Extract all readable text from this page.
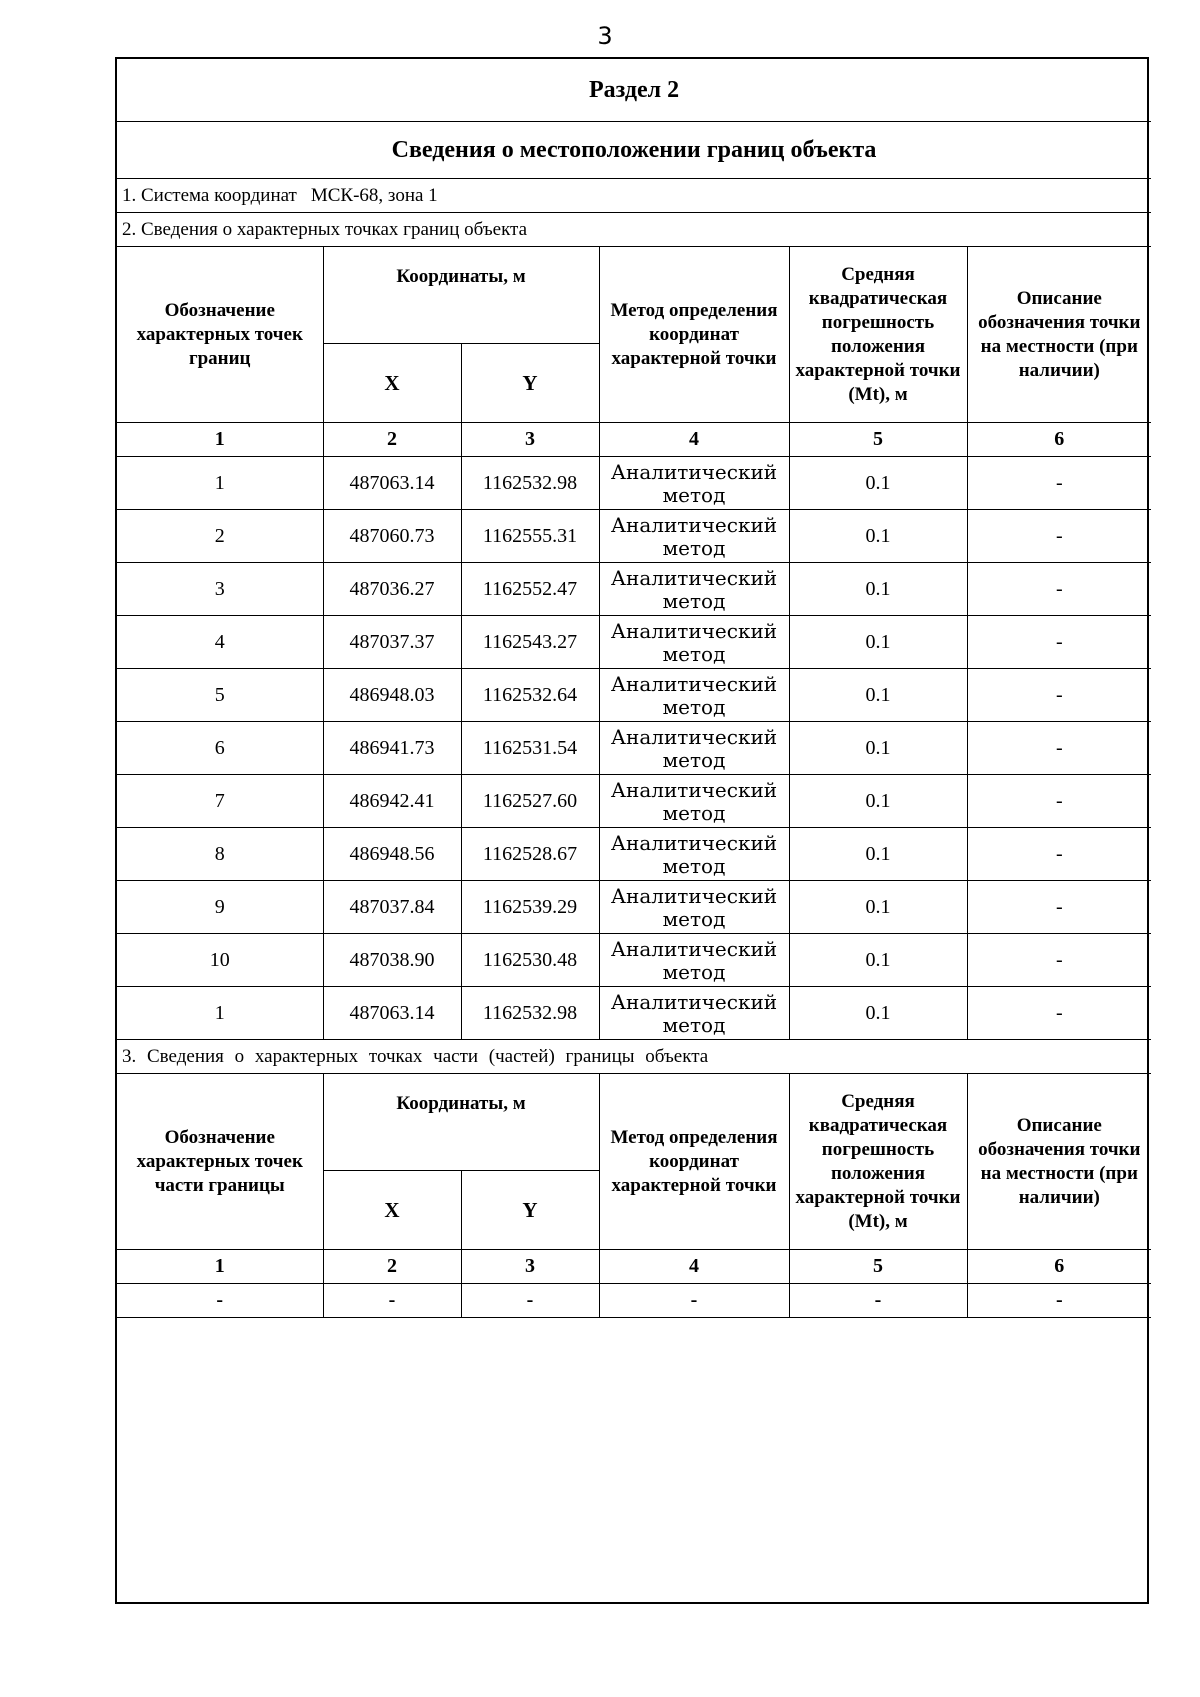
3
Раздел 2					
Сведения о местоположении границ объекта					
1. Система координат МСК-68, зона 1					
2. Сведения о характерных точках границ объекта					
Обозначение характерных точек границ	Координаты, м		Метод определения координат характерной точки	Средняя квадратическая погрешность положения характерной точки (Mt), м	Описание обозначения точки на местности (при наличии)
	X	Y			
1	2	3	4	5	6
1	487063.14	1162532.98	Аналитический метод	0.1	-
2	487060.73	1162555.31	Аналитический метод	0.1	-
3	487036.27	1162552.47	Аналитический метод	0.1	-
4	487037.37	1162543.27	Аналитический метод	0.1	-
5	486948.03	1162532.64	Аналитический метод	0.1	-
6	486941.73	1162531.54	Аналитический метод	0.1	-
7	486942.41	1162527.60	Аналитический метод	0.1	-
8	486948.56	1162528.67	Аналитический метод	0.1	-
9	487037.84	1162539.29	Аналитический метод	0.1	-
10	487038.90	1162530.48	Аналитический метод	0.1	-
1	487063.14	1162532.98	Аналитический метод	0.1	-
3. Сведения о характерных точках части (частей) границы объекта					
Обозначение характерных точек части границы	Координаты, м		Метод определения координат характерной точки	Средняя квадратическая погрешность положения характерной точки (Mt), м	Описание обозначения точки на местности (при наличии)
	X	Y			
1	2	3	4	5	6
-	-	-	-	-	-
